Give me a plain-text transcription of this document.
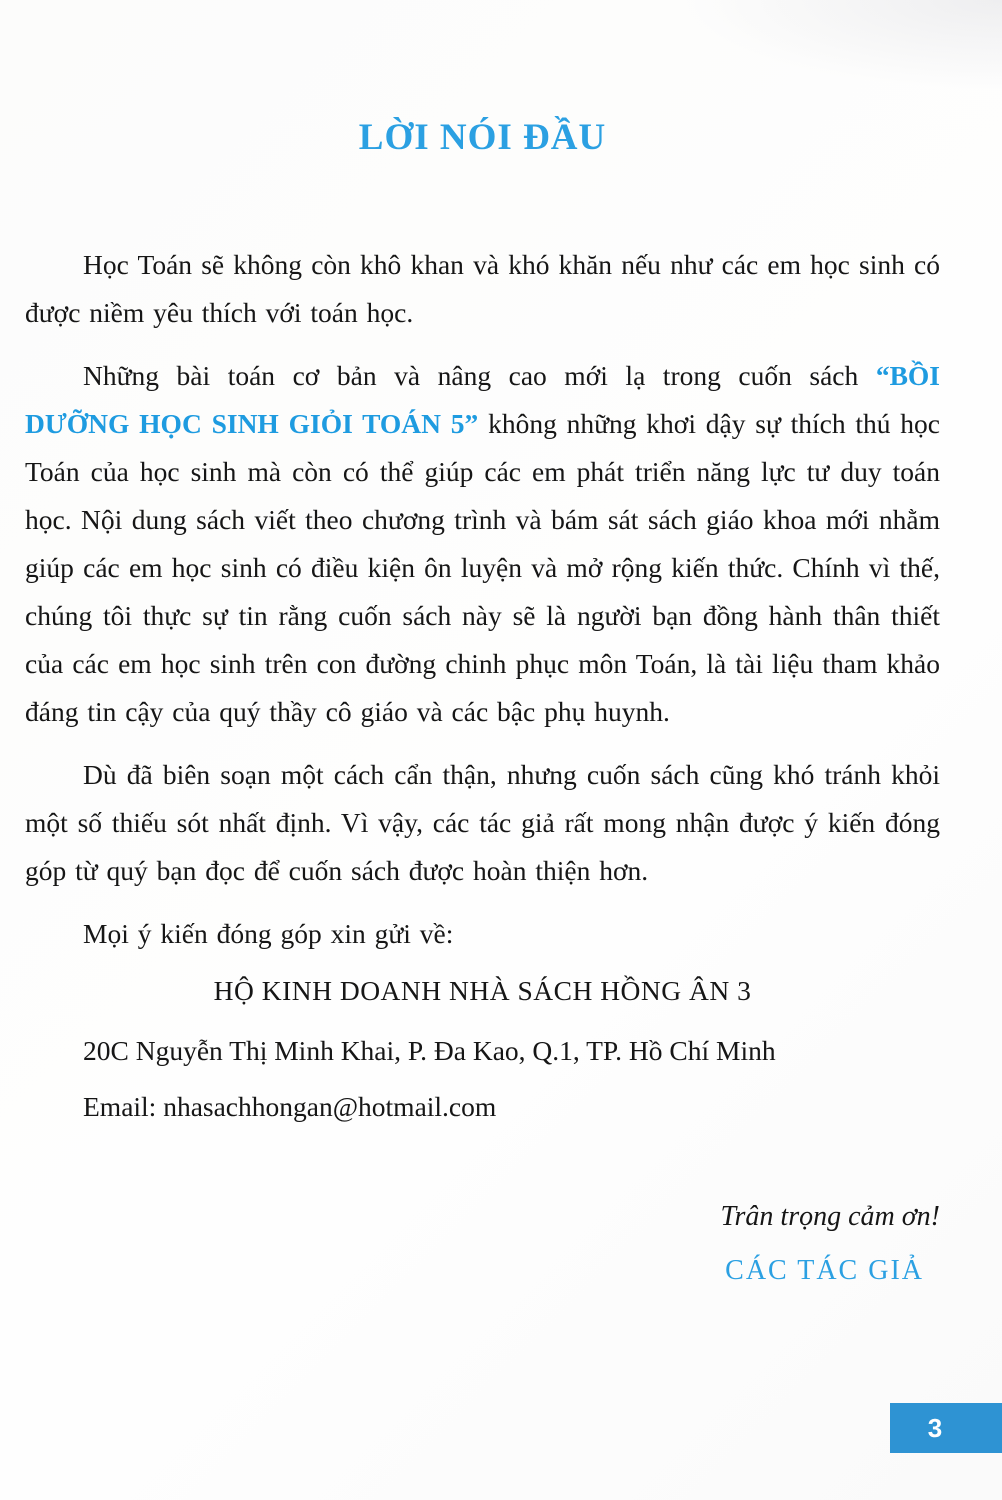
LỜI NÓI ĐẦU

Học Toán sẽ không còn khô khan và khó khăn nếu như các em học sinh có được niềm yêu thích với toán học.

Những bài toán cơ bản và nâng cao mới lạ trong cuốn sách “BỒI DƯỠNG HỌC SINH GIỎI TOÁN 5” không những khơi dậy sự thích thú học Toán của học sinh mà còn có thể giúp các em phát triển năng lực tư duy toán học. Nội dung sách viết theo chương trình và bám sát sách giáo khoa mới nhằm giúp các em học sinh có điều kiện ôn luyện và mở rộng kiến thức. Chính vì thế, chúng tôi thực sự tin rằng cuốn sách này sẽ là người bạn đồng hành thân thiết của các em học sinh trên con đường chinh phục môn Toán, là tài liệu tham khảo đáng tin cậy của quý thầy cô giáo và các bậc phụ huynh.

Dù đã biên soạn một cách cẩn thận, nhưng cuốn sách cũng khó tránh khỏi một số thiếu sót nhất định. Vì vậy, các tác giả rất mong nhận được ý kiến đóng góp từ quý bạn đọc để cuốn sách được hoàn thiện hơn.

Mọi ý kiến đóng góp xin gửi về:

HỘ KINH DOANH NHÀ SÁCH HỒNG ÂN 3

20C Nguyễn Thị Minh Khai, P. Đa Kao, Q.1, TP. Hồ Chí Minh

Email: nhasachhongan@hotmail.com

Trân trọng cảm ơn!

CÁC TÁC GIẢ

3
